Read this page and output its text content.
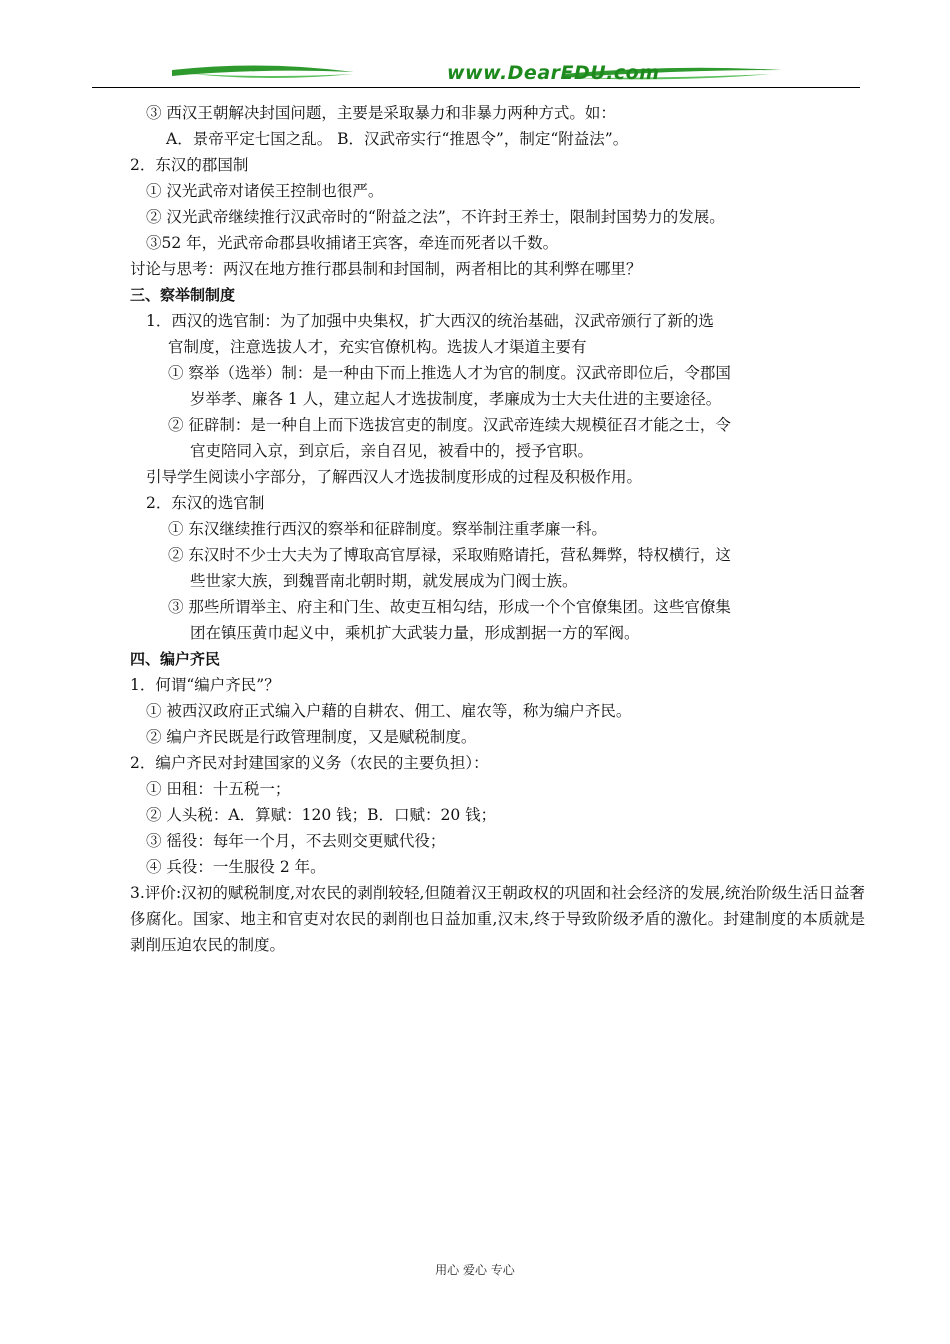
www.DearEDU.com
③ 西汉王朝解决封国问题，主要是采取暴力和非暴力两种方式。如：
A．景帝平定七国之乱。 B．汉武帝实行“推恩令”，制定“附益法”。
2．东汉的郡国制
① 汉光武帝对诸侯王控制也很严。
② 汉光武帝继续推行汉武帝时的“附益之法”，不许封王养士，限制封国势力的发展。
③52 年，光武帝命郡县收捕诸王宾客，牵连而死者以千数。
讨论与思考：两汉在地方推行郡县制和封国制，两者相比的其利弊在哪里？
三、察举制制度
1．西汉的选官制：为了加强中央集权，扩大西汉的统治基础，汉武帝颁行了新的选
官制度，注意选拔人才，充实官僚机构。选拔人才渠道主要有
① 察举（选举）制：是一种由下而上推选人才为官的制度。汉武帝即位后，令郡国
岁举孝、廉各 1 人，建立起人才选拔制度，孝廉成为士大夫仕进的主要途径。
② 征辟制：是一种自上而下选拔宫吏的制度。汉武帝连续大规模征召才能之士，令
官吏陪同入京，到京后，亲自召见，被看中的，授予官职。
引导学生阅读小字部分，了解西汉人才选拔制度形成的过程及积极作用。
2．东汉的选官制
① 东汉继续推行西汉的察举和征辟制度。察举制注重孝廉一科。
② 东汉时不少士大夫为了博取高官厚禄，采取贿赂请托，营私舞弊，特权横行，这
些世家大族，到魏晋南北朝时期，就发展成为门阀士族。
③ 那些所谓举主、府主和门生、故吏互相勾结，形成一个个官僚集团。这些官僚集
团在镇压黄巾起义中，乘机扩大武装力量，形成割据一方的军阀。
四、编户齐民
1．何谓“编户齐民”？
① 被西汉政府正式编入户藉的自耕农、佣工、雇农等，称为编户齐民。
② 编户齐民既是行政管理制度，又是赋税制度。
2．编户齐民对封建国家的义务（农民的主要负担）：
① 田租：十五税一；
② 人头税：A．算赋：120 钱；B．口赋：20 钱；
③ 徭役：每年一个月，不去则交更赋代役；
④ 兵役：一生服役 2 年。
3.评价:汉初的赋税制度,对农民的剥削较轻,但随着汉王朝政权的巩固和社会经济的发展,统治阶级生活日益奢侈腐化。国家、地主和官吏对农民的剥削也日益加重,汉末,终于导致阶级矛盾的激化。封建制度的本质就是剥削压迫农民的制度。
用心 爱心 专心
